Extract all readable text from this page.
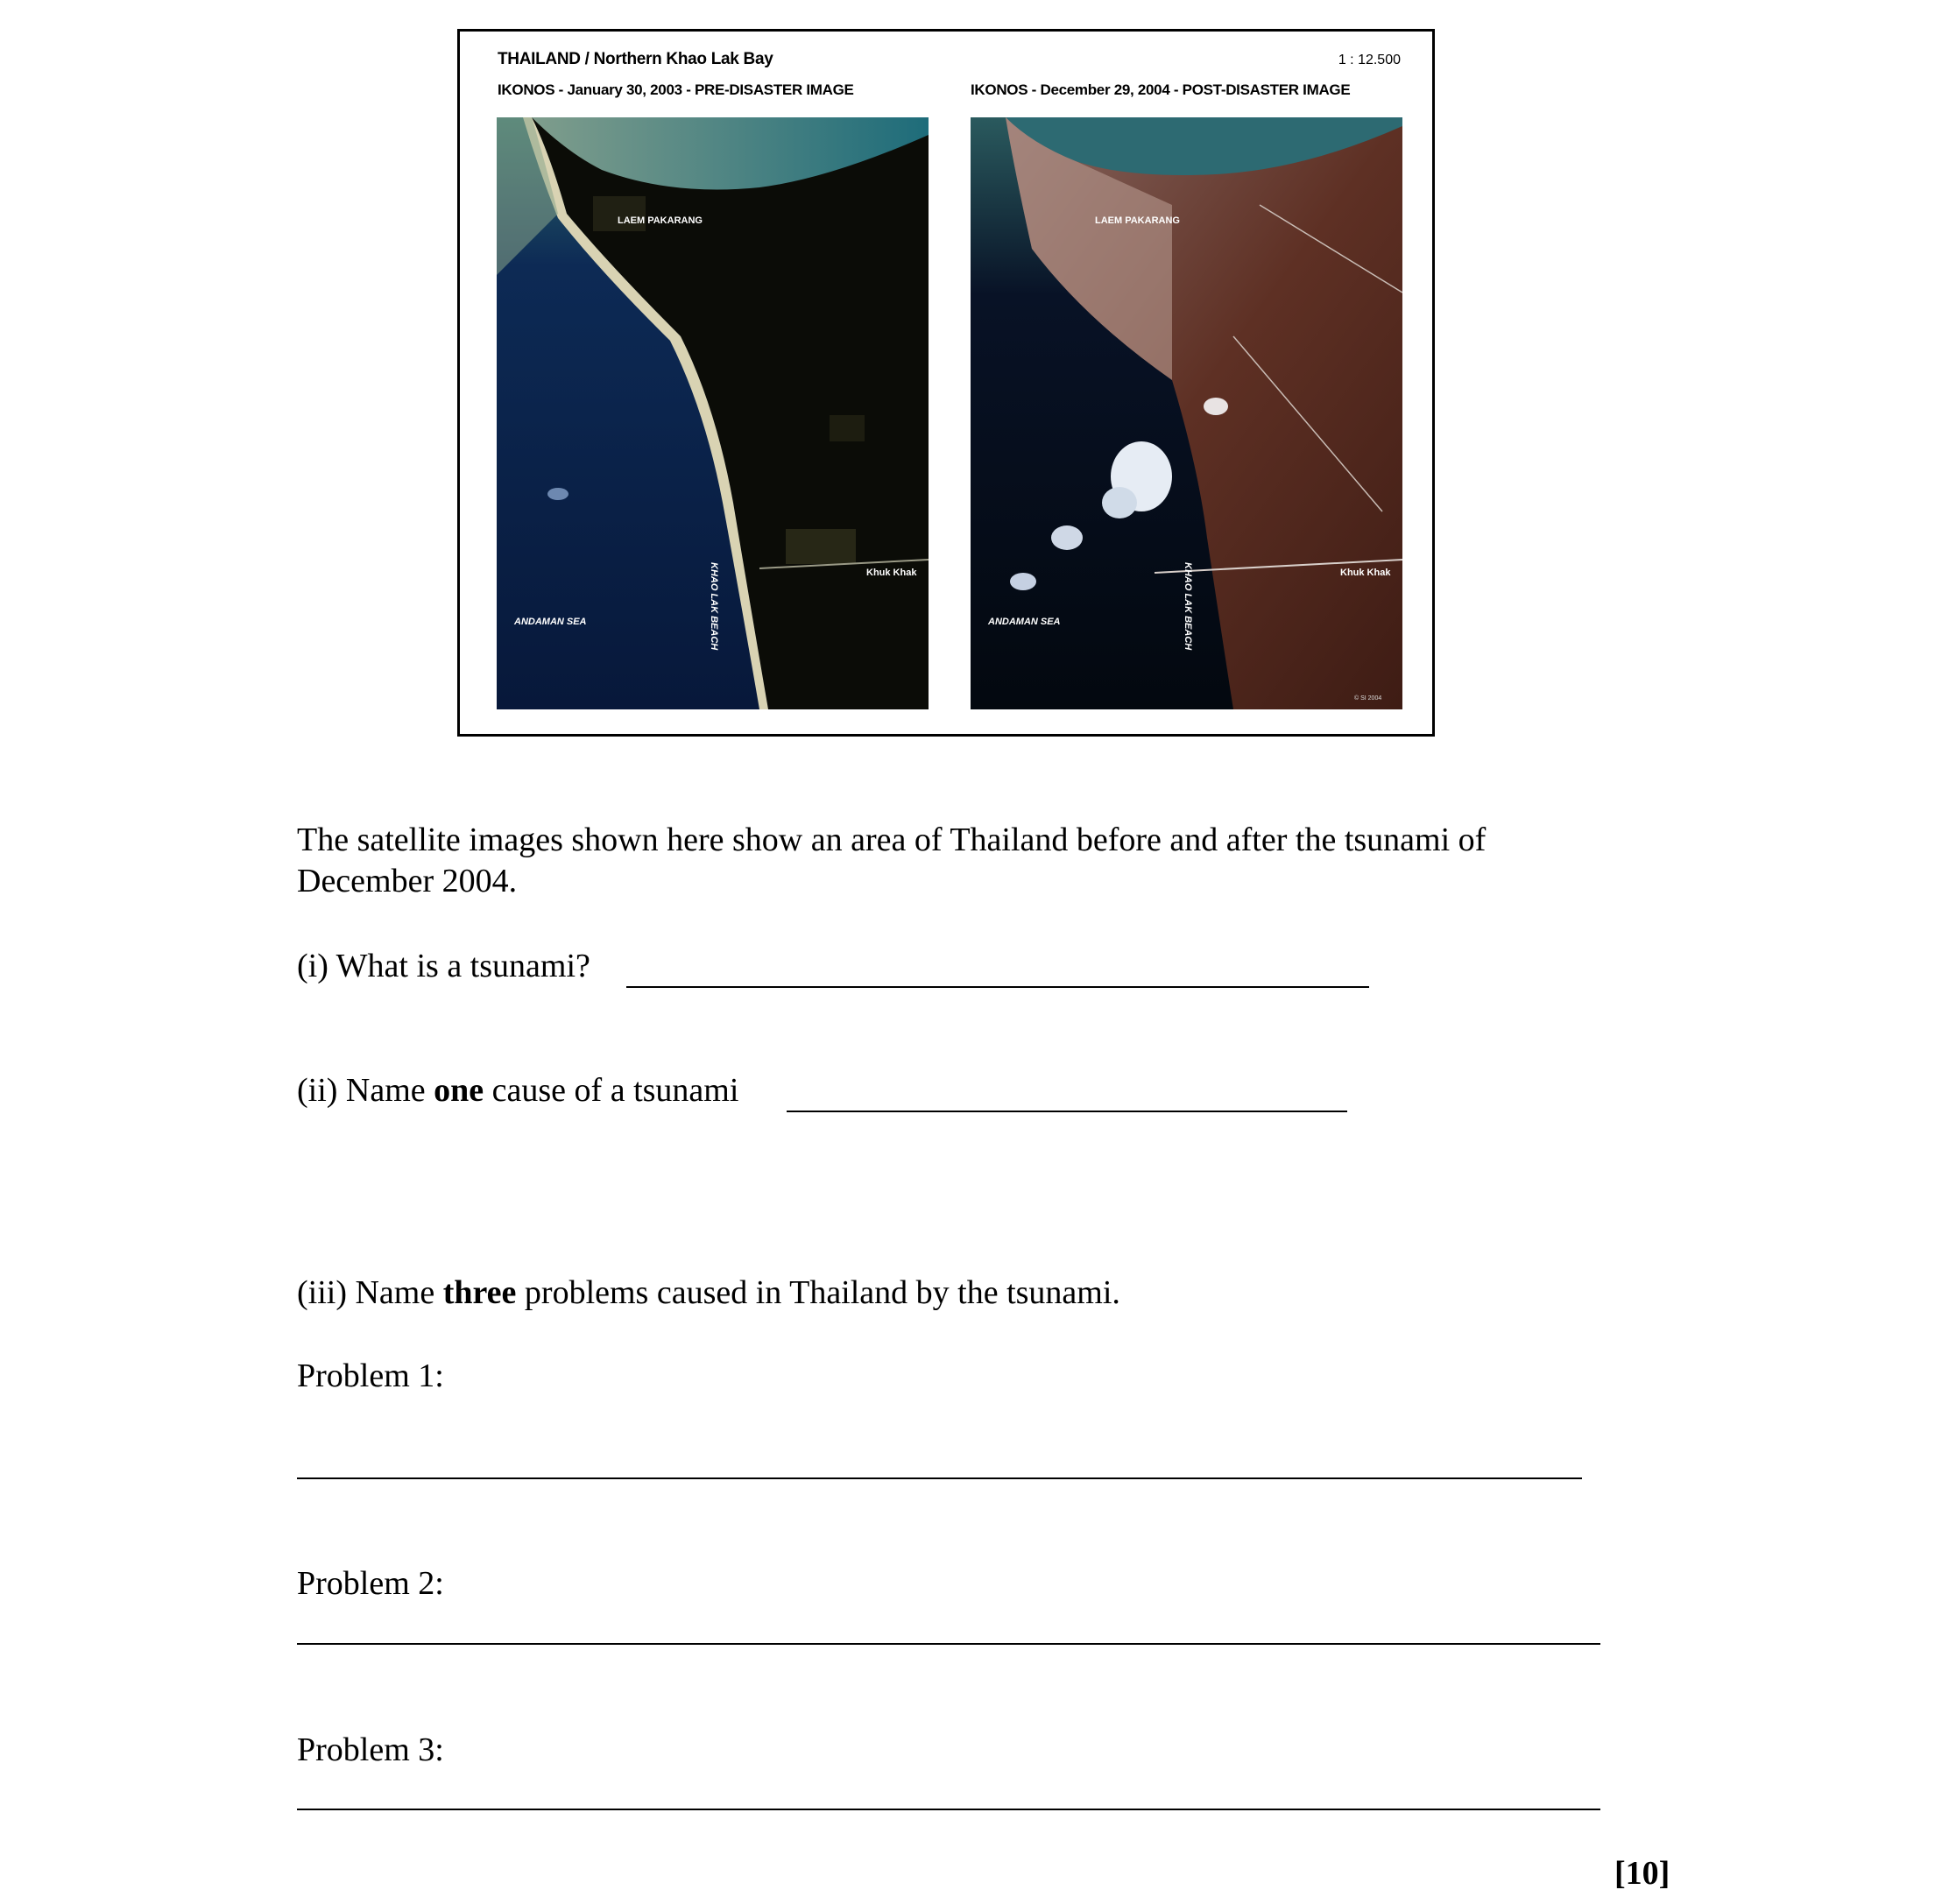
THAILAND / Northern Khao Lak Bay	1 : 12.500
IKONOS - January 30, 2003 - PRE-DISASTER IMAGE	IKONOS - December 29, 2004 - POST-DISASTER IMAGE
LAEM PAKARANG
ANDAMAN SEA	KHAO LAK BEACH	Khuk Khak
LAEM PAKARANG
ANDAMAN SEA	KHAO LAK BEACH	Khuk Khak
© SI 2004
The satellite images shown here show an area of Thailand before and after the tsunami of December 2004.
(i) What is a tsunami?
(ii) Name one cause of a tsunami
(iii) Name three problems caused in Thailand by the tsunami.
Problem 1:
Problem 2:
Problem 3:
[10]
